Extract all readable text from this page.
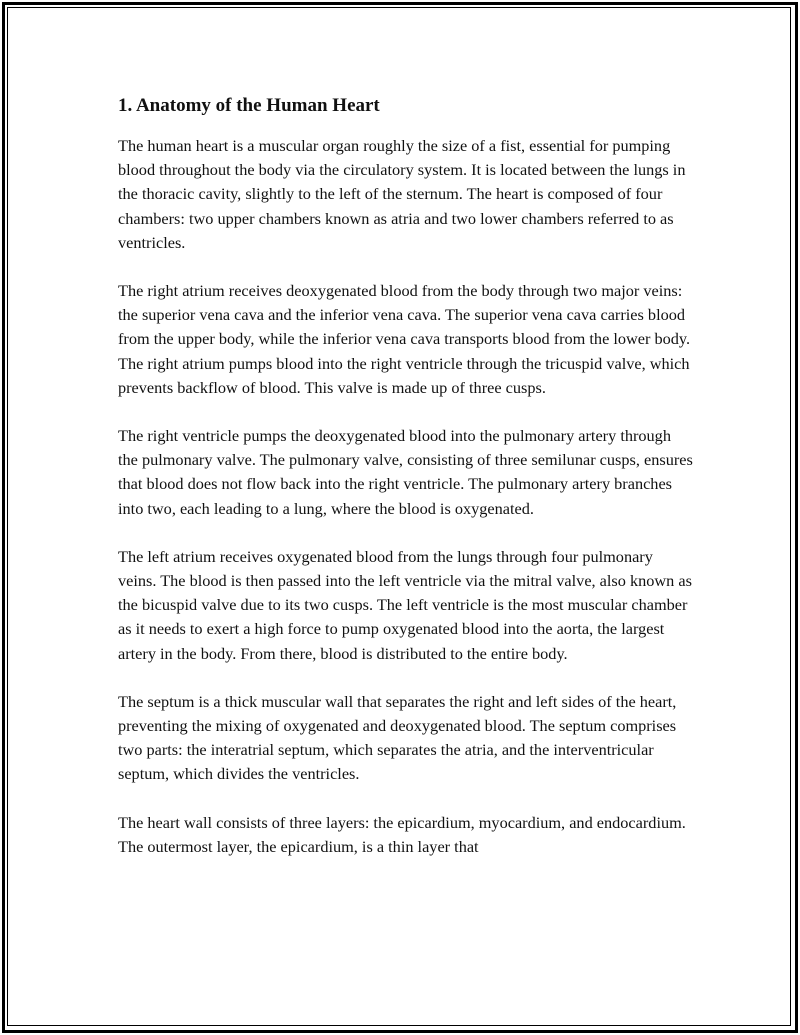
1. Anatomy of the Human Heart

The human heart is a muscular organ roughly the size of a fist, essential for pumping blood throughout the body via the circulatory system. It is located between the lungs in the thoracic cavity, slightly to the left of the sternum. The heart is composed of four chambers: two upper chambers known as atria and two lower chambers referred to as ventricles.

The right atrium receives deoxygenated blood from the body through two major veins: the superior vena cava and the inferior vena cava. The superior vena cava carries blood from the upper body, while the inferior vena cava transports blood from the lower body. The right atrium pumps blood into the right ventricle through the tricuspid valve, which prevents backflow of blood. This valve is made up of three cusps.

The right ventricle pumps the deoxygenated blood into the pulmonary artery through the pulmonary valve. The pulmonary valve, consisting of three semilunar cusps, ensures that blood does not flow back into the right ventricle. The pulmonary artery branches into two, each leading to a lung, where the blood is oxygenated.

The left atrium receives oxygenated blood from the lungs through four pulmonary veins. The blood is then passed into the left ventricle via the mitral valve, also known as the bicuspid valve due to its two cusps. The left ventricle is the most muscular chamber as it needs to exert a high force to pump oxygenated blood into the aorta, the largest artery in the body. From there, blood is distributed to the entire body.

The septum is a thick muscular wall that separates the right and left sides of the heart, preventing the mixing of oxygenated and deoxygenated blood. The septum comprises two parts: the interatrial septum, which separates the atria, and the interventricular septum, which divides the ventricles.

The heart wall consists of three layers: the epicardium, myocardium, and endocardium. The outermost layer, the epicardium, is a thin layer that
